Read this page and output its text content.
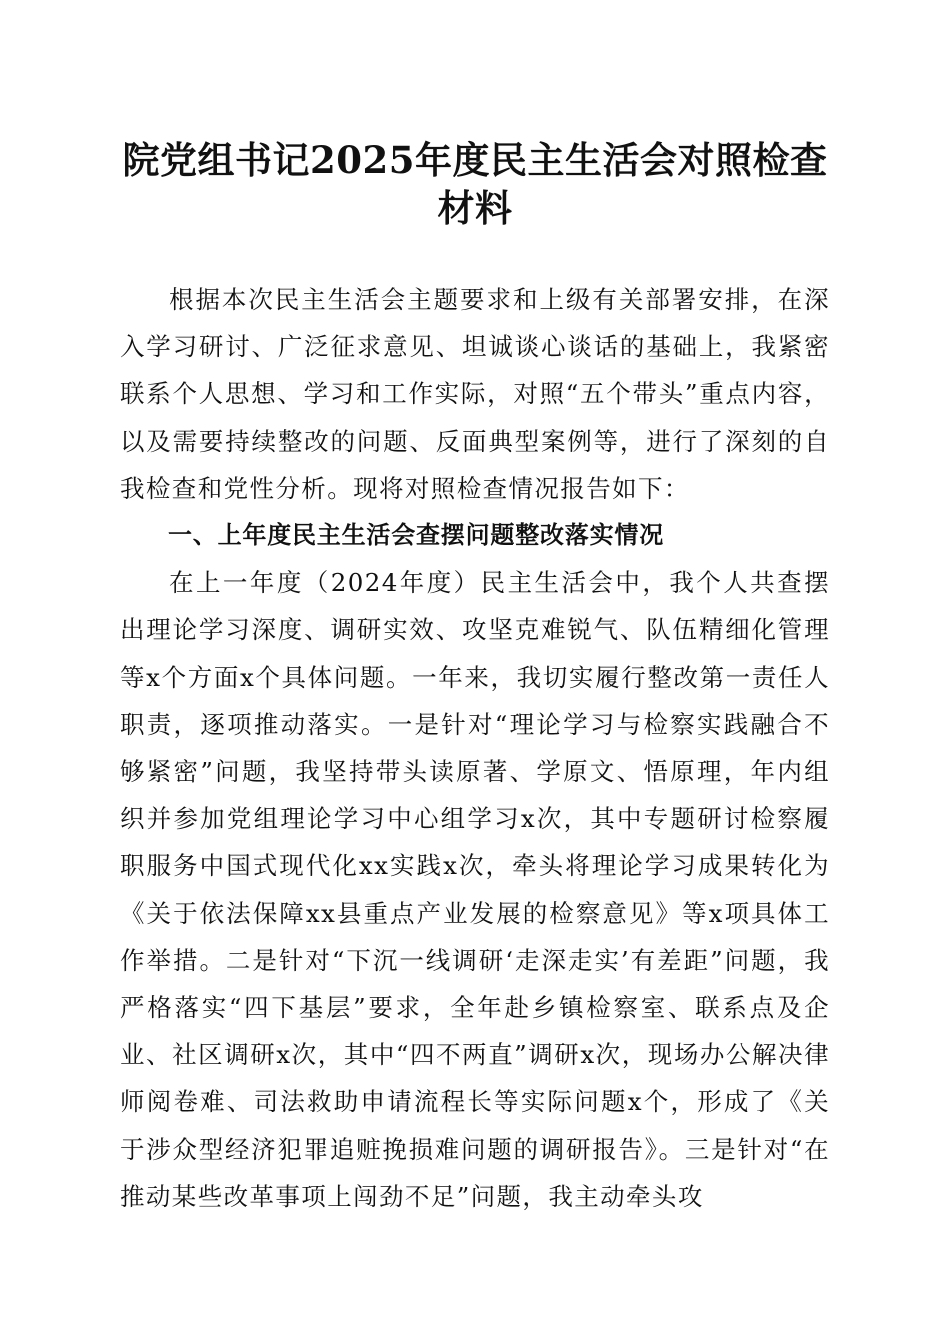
院党组书记2025年度民主生活会对照检查材料

根据本次民主生活会主题要求和上级有关部署安排，在深入学习研讨、广泛征求意见、坦诚谈心谈话的基础上，我紧密联系个人思想、学习和工作实际，对照“五个带头”重点内容，以及需要持续整改的问题、反面典型案例等，进行了深刻的自我检查和党性分析。现将对照检查情况报告如下：

一、上年度民主生活会查摆问题整改落实情况

在上一年度（2024年度）民主生活会中，我个人共查摆出理论学习深度、调研实效、攻坚克难锐气、队伍精细化管理等x个方面x个具体问题。一年来，我切实履行整改第一责任人职责，逐项推动落实。一是针对“理论学习与检察实践融合不够紧密”问题，我坚持带头读原著、学原文、悟原理，年内组织并参加党组理论学习中心组学习x次，其中专题研讨检察履职服务中国式现代化xx实践x次，牵头将理论学习成果转化为《关于依法保障xx县重点产业发展的检察意见》等x项具体工作举措。二是针对“下沉一线调研‘走深走实’有差距”问题，我严格落实“四下基层”要求，全年赴乡镇检察室、联系点及企业、社区调研x次，其中“四不两直”调研x次，现场办公解决律师阅卷难、司法救助申请流程长等实际问题x个，形成了《关于涉众型经济犯罪追赃挽损难问题的调研报告》。三是针对“在推动某些改革事项上闯劲不足”问题，我主动牵头攻
